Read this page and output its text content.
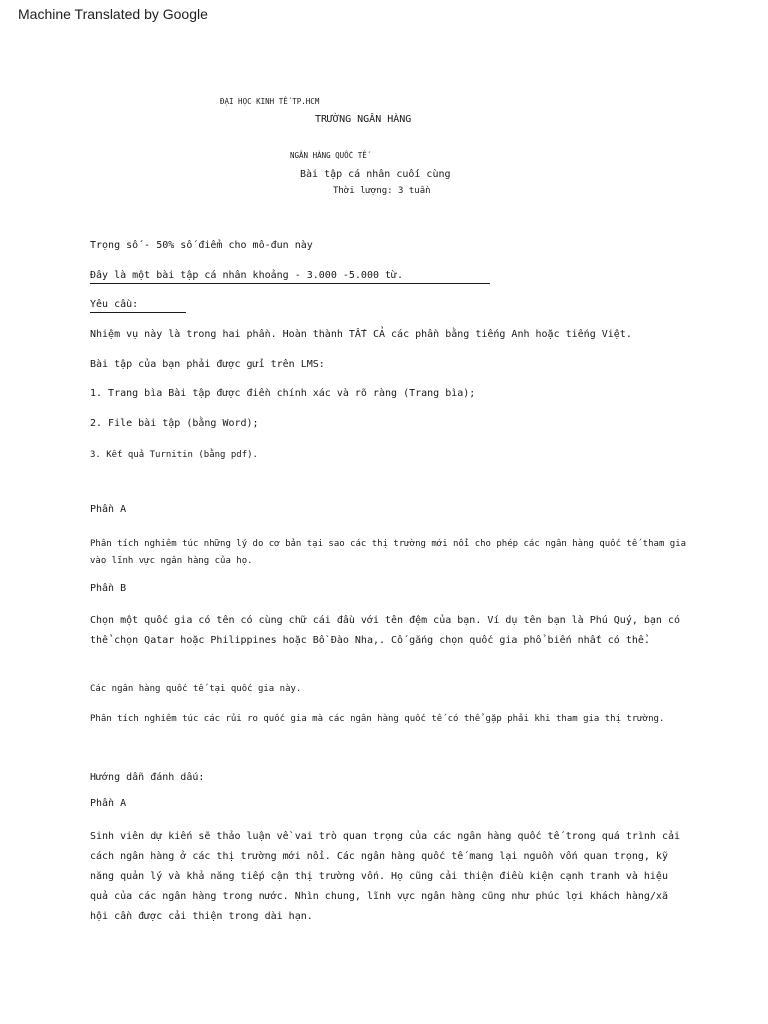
Machine Translated by Google
ĐẠI HỌC KINH TẾ TP.HCM
TRƯỜNG NGÂN HÀNG
NGÂN HÀNG QUỐC TẾ
Bài tập cá nhân cuối cùng
Thời lượng: 3 tuần
Trọng số - 50% số điểm cho mô-đun này
Đây là một bài tập cá nhân khoảng - 3.000 -5.000 từ.
Yêu cầu:
Nhiệm vụ này là trong hai phần. Hoàn thành TẤT CẢ các phần bằng tiếng Anh hoặc tiếng Việt.
Bài tập của bạn phải được gửi trên LMS:
1. Trang bìa Bài tập được điền chính xác và rõ ràng (Trang bìa);
2. File bài tập (bằng Word);
3. Kết quả Turnitin (bằng pdf).
Phần A
Phân tích nghiêm túc những lý do cơ bản tại sao các thị trường mới nổi cho phép các ngân hàng quốc tế tham gia vào lĩnh vực ngân hàng của họ.
Phần B
Chọn một quốc gia có tên có cùng chữ cái đầu với tên đệm của bạn. Ví dụ tên bạn là Phú Quý, bạn có thể chọn Qatar hoặc Philippines hoặc Bồ Đào Nha,. Cố gắng chọn quốc gia phổ biến nhất có thể.
Các ngân hàng quốc tế tại quốc gia này.
Phân tích nghiêm túc các rủi ro quốc gia mà các ngân hàng quốc tế có thể gặp phải khi tham gia thị trường.
Hướng dẫn đánh dấu:
Phần A
Sinh viên dự kiến sẽ thảo luận về vai trò quan trọng của các ngân hàng quốc tế trong quá trình cải cách ngân hàng ở các thị trường mới nổi. Các ngân hàng quốc tế mang lại nguồn vốn quan trọng, kỹ năng quản lý và khả năng tiếp cận thị trường vốn. Họ cũng cải thiện điều kiện cạnh tranh và hiệu quả của các ngân hàng trong nước. Nhìn chung, lĩnh vực ngân hàng cũng như phúc lợi khách hàng/xã hội cần được cải thiện trong dài hạn.
